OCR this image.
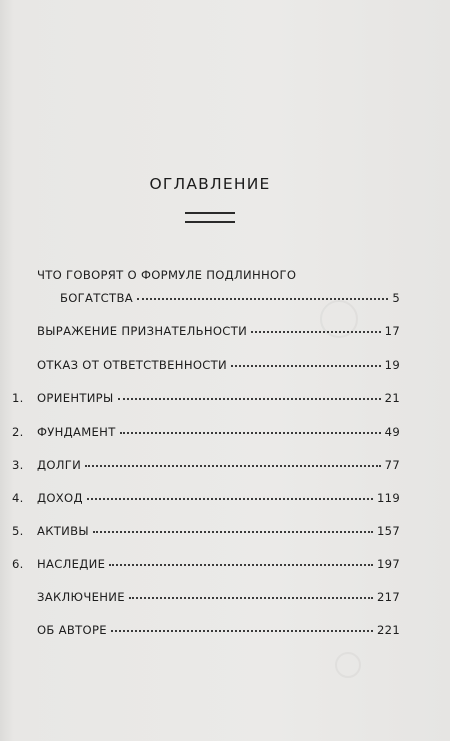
ОГЛАВЛЕНИЕ
ЧТО ГОВОРЯТ О ФОРМУЛЕ ПОДЛИННОГО
БОГАТСТВА	5
ВЫРАЖЕНИЕ ПРИЗНАТЕЛЬНОСТИ	17
ОТКАЗ ОТ ОТВЕТСТВЕННОСТИ	19
1.	ОРИЕНТИРЫ	21
2.	ФУНДАМЕНТ	49
3.	ДОЛГИ	77
4.	ДОХОД	119
5.	АКТИВЫ	157
6.	НАСЛЕДИЕ	197
ЗАКЛЮЧЕНИЕ	217
ОБ АВТОРЕ	221
